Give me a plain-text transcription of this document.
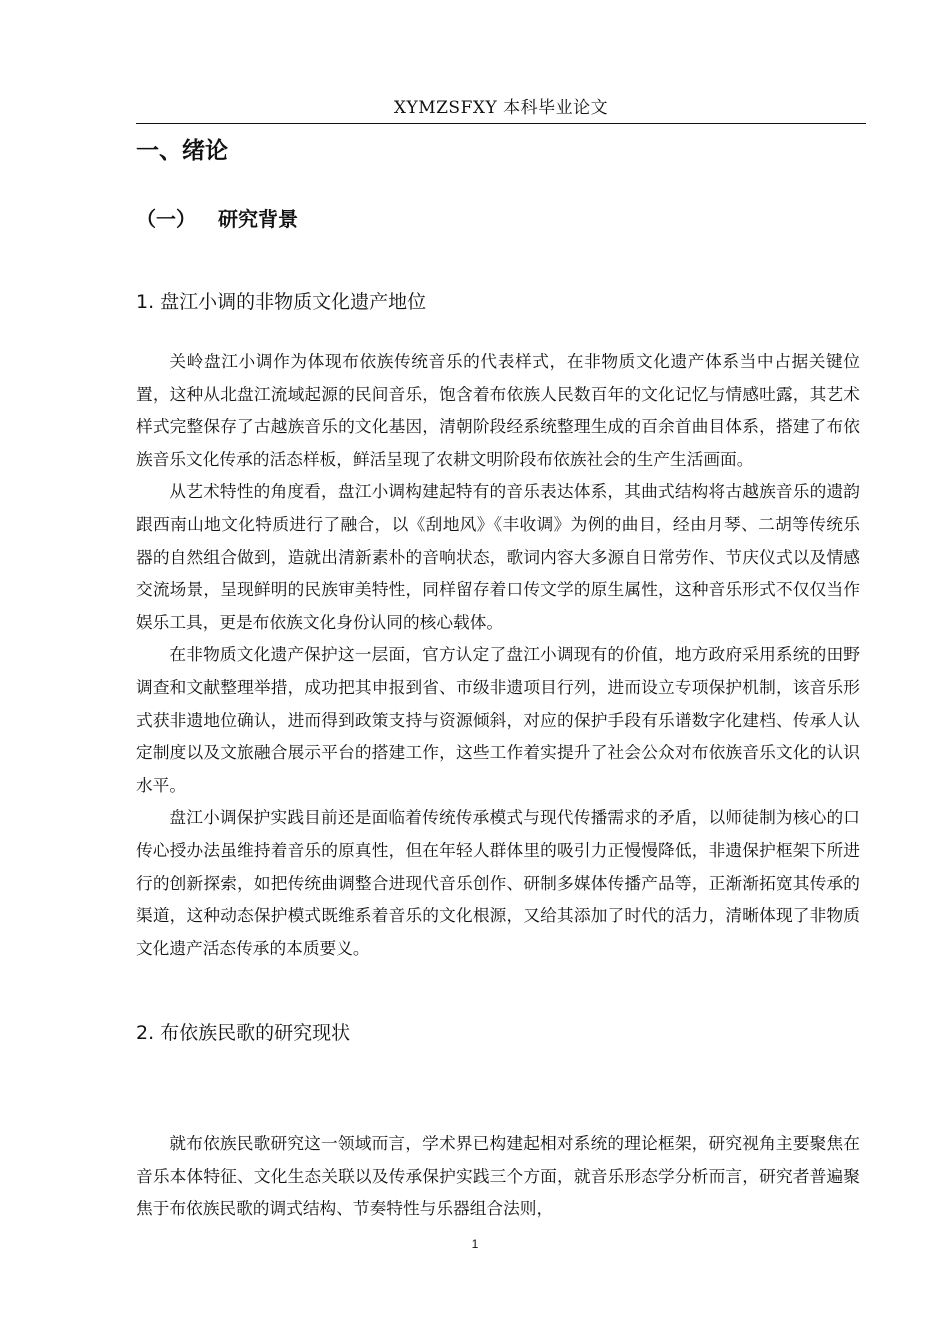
XYMZSFXY 本科毕业论文
一、绪论
（一） 研究背景
1. 盘江小调的非物质文化遗产地位

关岭盘江小调作为体现布依族传统音乐的代表样式，在非物质文化遗产体系当中占据关键位置，这种从北盘江流域起源的民间音乐，饱含着布依族人民数百年的文化记忆与情感吐露，其艺术样式完整保存了古越族音乐的文化基因，清朝阶段经系统整理生成的百余首曲目体系，搭建了布依族音乐文化传承的活态样板，鲜活呈现了农耕文明阶段布依族社会的生产生活画面。

从艺术特性的角度看，盘江小调构建起特有的音乐表达体系，其曲式结构将古越族音乐的遗韵跟西南山地文化特质进行了融合，以《刮地风》《丰收调》为例的曲目，经由月琴、二胡等传统乐器的自然组合做到，造就出清新素朴的音响状态，歌词内容大多源自日常劳作、节庆仪式以及情感交流场景，呈现鲜明的民族审美特性，同样留存着口传文学的原生属性，这种音乐形式不仅仅当作娱乐工具，更是布依族文化身份认同的核心载体。

在非物质文化遗产保护这一层面，官方认定了盘江小调现有的价值，地方政府采用系统的田野调查和文献整理举措，成功把其申报到省、市级非遗项目行列，进而设立专项保护机制，该音乐形式获非遗地位确认，进而得到政策支持与资源倾斜，对应的保护手段有乐谱数字化建档、传承人认定制度以及文旅融合展示平台的搭建工作，这些工作着实提升了社会公众对布依族音乐文化的认识水平。

盘江小调保护实践目前还是面临着传统传承模式与现代传播需求的矛盾，以师徒制为核心的口传心授办法虽维持着音乐的原真性，但在年轻人群体里的吸引力正慢慢降低，非遗保护框架下所进行的创新探索，如把传统曲调整合进现代音乐创作、研制多媒体传播产品等，正渐渐拓宽其传承的渠道，这种动态保护模式既维系着音乐的文化根源，又给其添加了时代的活力，清晰体现了非物质文化遗产活态传承的本质要义。

2. 布依族民歌的研究现状

就布依族民歌研究这一领域而言，学术界已构建起相对系统的理论框架，研究视角主要聚焦在音乐本体特征、文化生态关联以及传承保护实践三个方面，就音乐形态学分析而言，研究者普遍聚焦于布依族民歌的调式结构、节奏特性与乐器组合法则，

1
